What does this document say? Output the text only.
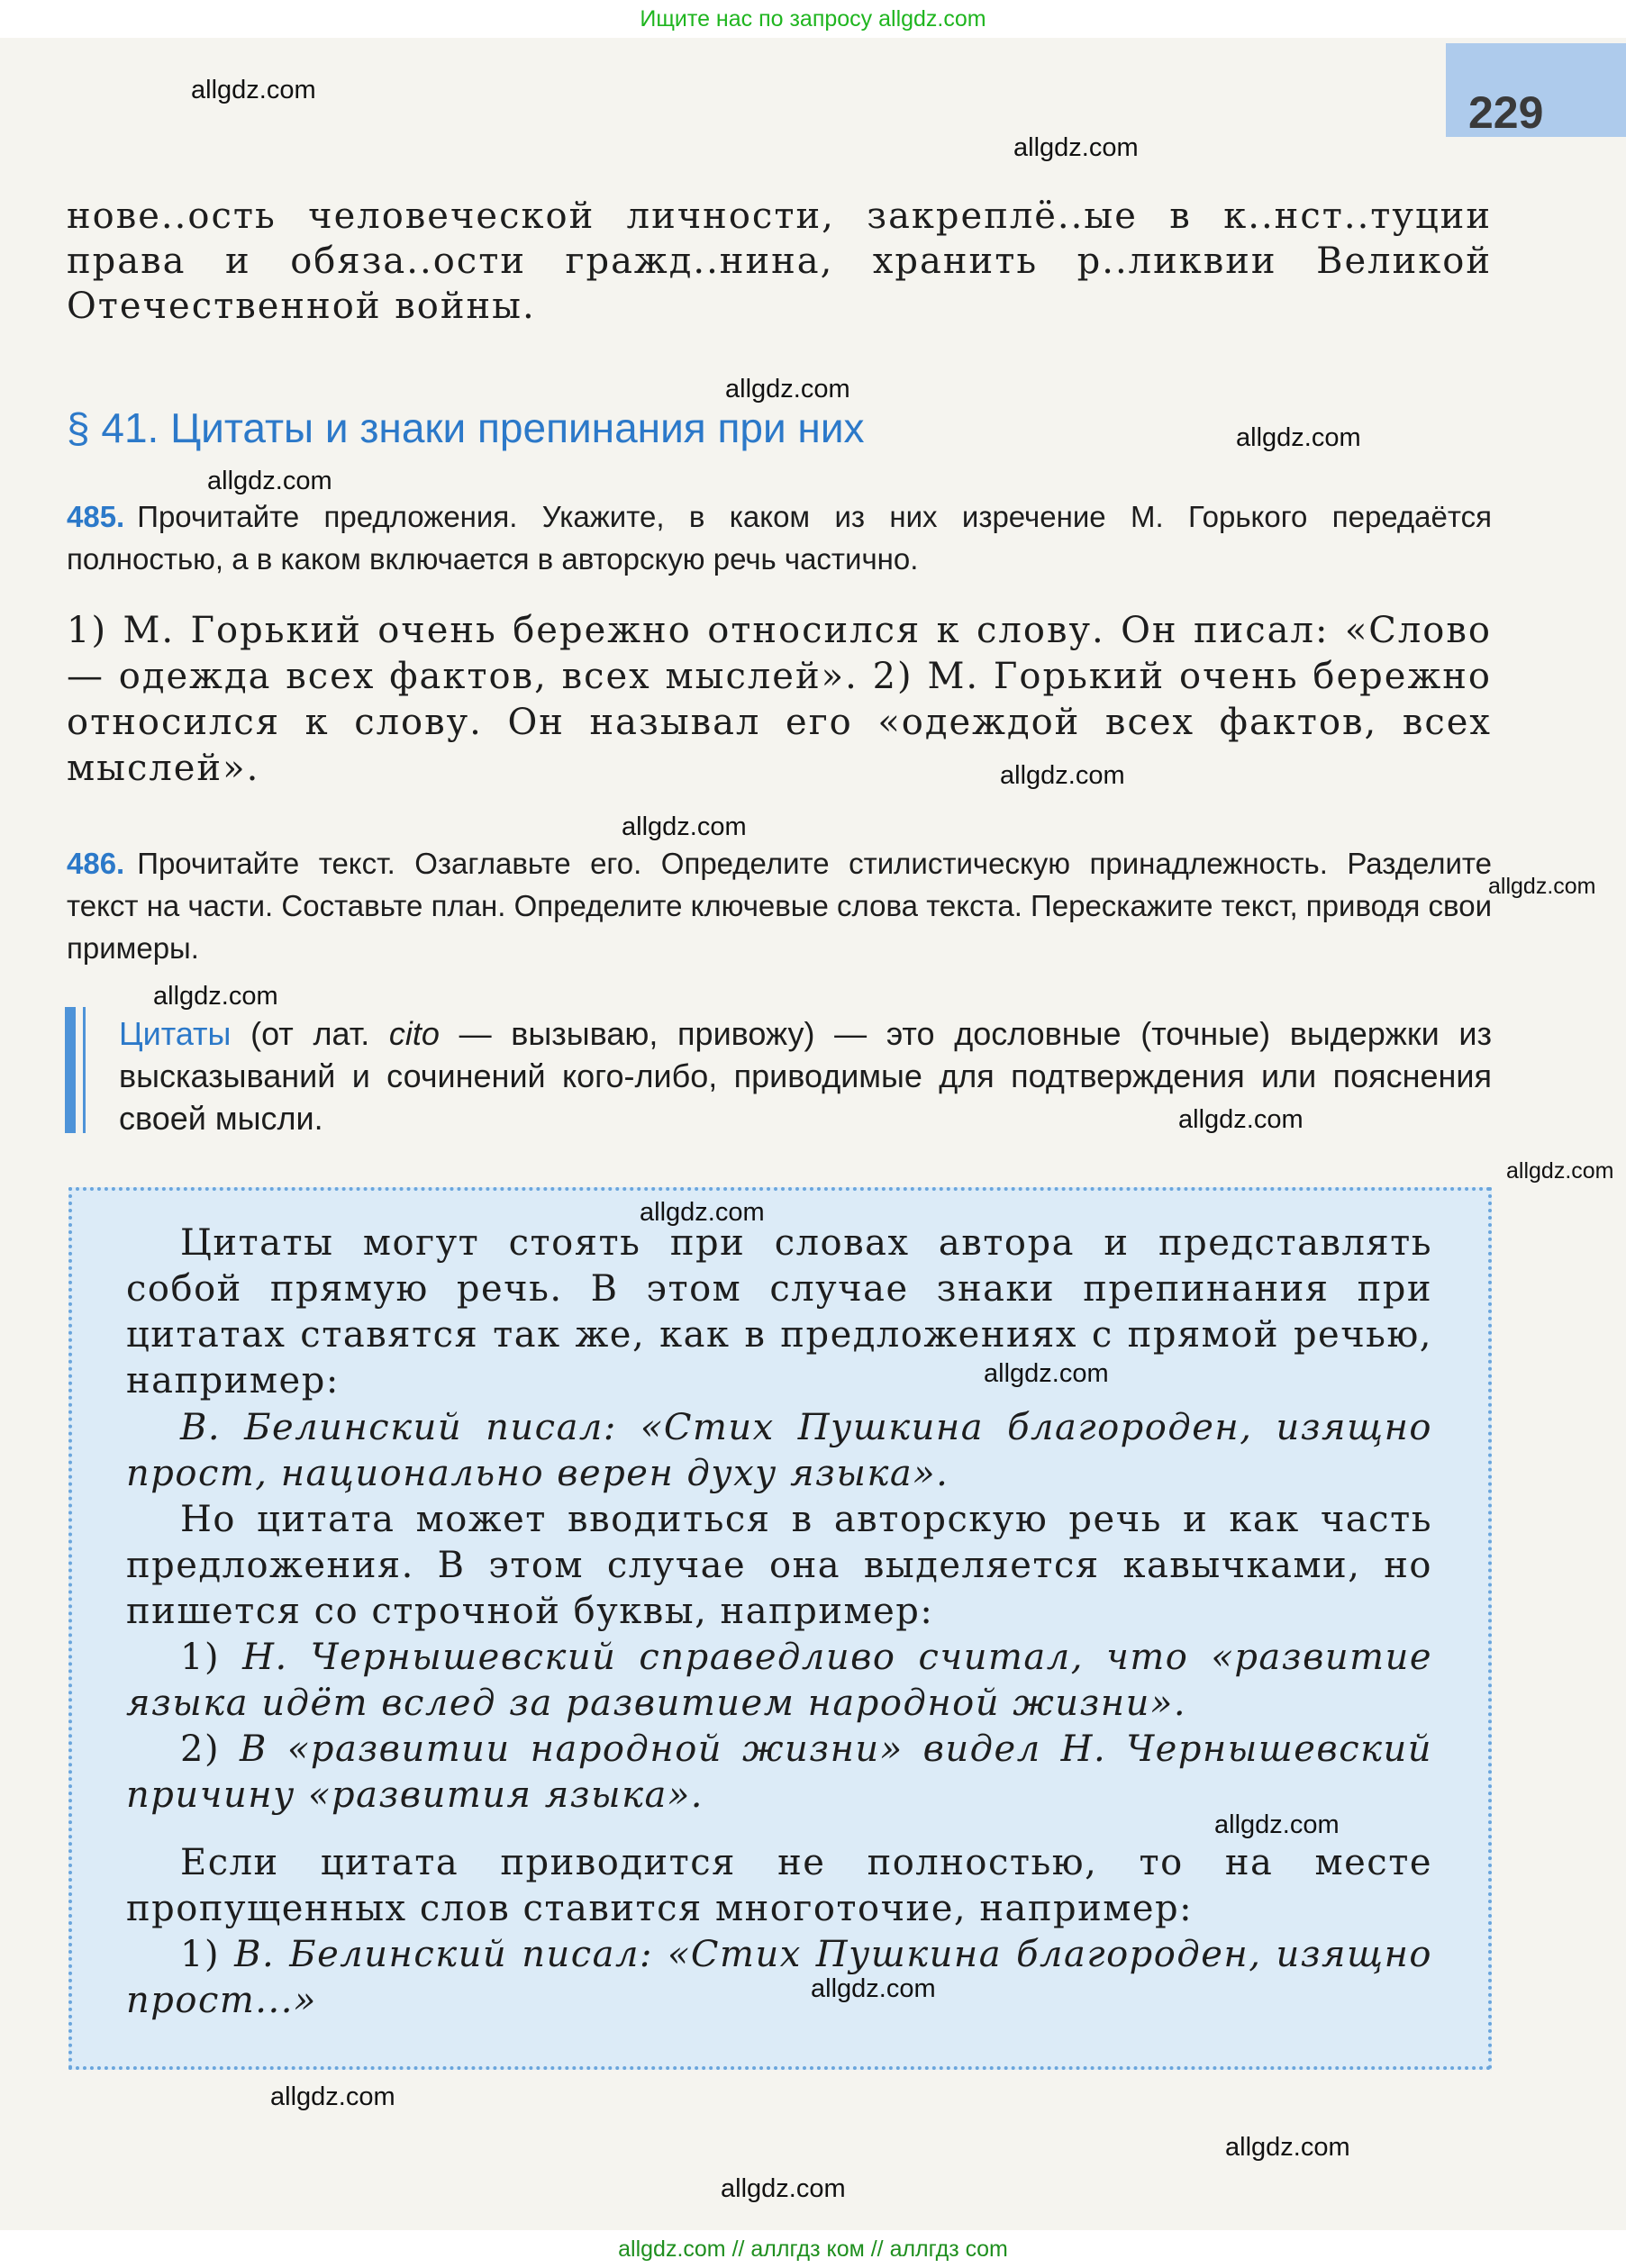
Ищите нас по запросу allgdz.com
229
нове..ость человеческой личности, закреплё..ые в к..нст..туции права и обяза..ости гражд..нина, хранить р..ликвии Великой Отечественной войны.
§ 41. Цитаты и знаки препинания при них
485. Прочитайте предложения. Укажите, в каком из них изречение М. Горького передаётся полностью, а в каком включается в авторскую речь частично.
1) М. Горький очень бережно относился к слову. Он писал: «Слово — одежда всех фактов, всех мыслей». 2) М. Горький очень бережно относился к слову. Он называл его «одеждой всех фактов, всех мыслей».
486. Прочитайте текст. Озаглавьте его. Определите стилистическую принадлежность. Разделите текст на части. Составьте план. Определите ключевые слова текста. Перескажите текст, приводя свои примеры.
Цитаты (от лат. cito — вызываю, привожу) — это дословные (точные) выдержки из высказываний и сочинений кого-либо, приводимые для подтверждения или пояснения своей мысли.
Цитаты могут стоять при словах автора и представлять собой прямую речь. В этом случае знаки препинания при цитатах ставятся так же, как в предложениях с прямой речью, например:
В. Белинский писал: «Стих Пушкина благороден, изящно прост, национально верен духу языка».
Но цитата может вводиться в авторскую речь и как часть предложения. В этом случае она выделяется кавычками, но пишется со строчной буквы, например:
1) Н. Чернышевский справедливо считал, что «развитие языка идёт вслед за развитием народной жизни».
2) В «развитии народной жизни» видел Н. Чернышевский причину «развития языка».
Если цитата приводится не полностью, то на месте пропущенных слов ставится многоточие, например:
1) В. Белинский писал: «Стих Пушкина благороден, изящно прост...»
allgdz.com
allgdz.com
allgdz.com
allgdz.com
allgdz.com
allgdz.com
allgdz.com
allgdz.com
allgdz.com
allgdz.com
allgdz.com
allgdz.com
allgdz.com
allgdz.com
allgdz.com
allgdz.com
allgdz.com
allgdz.com
allgdz.com // аллгдз ком // аллгдз com
